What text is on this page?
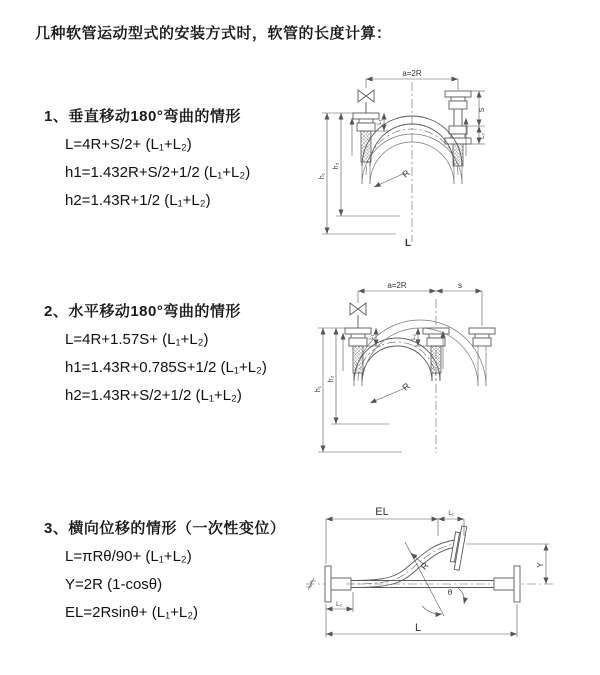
几种软管运动型式的安装方式时，软管的长度计算：
1、垂直移动180°弯曲的情形
L=4R+S/2+ (L₁+L₂)
h1=1.432R+S/2+1/2 (L₁+L₂)
h2=1.43R+1/2 (L₁+L₂)
2、水平移动180°弯曲的情形
L=4R+1.57S+ (L₁+L₂)
h1=1.43R+0.785S+1/2 (L₁+L₂)
h2=1.43R+S/2+1/2 (L₁+L₂)
3、横向位移的情形（一次性变位）
L=πRθ/90+ (L₁+L₂)
Y=2R (1-cosθ)
EL=2Rsinθ+ (L₁+L₂)
a=2R
h₁
h₂
L₁
S
L₂
R
L
a=2R	s
h₁
h₂
L₁	L₂
R
EL	L₁
Y
R
θ
L
L₂
